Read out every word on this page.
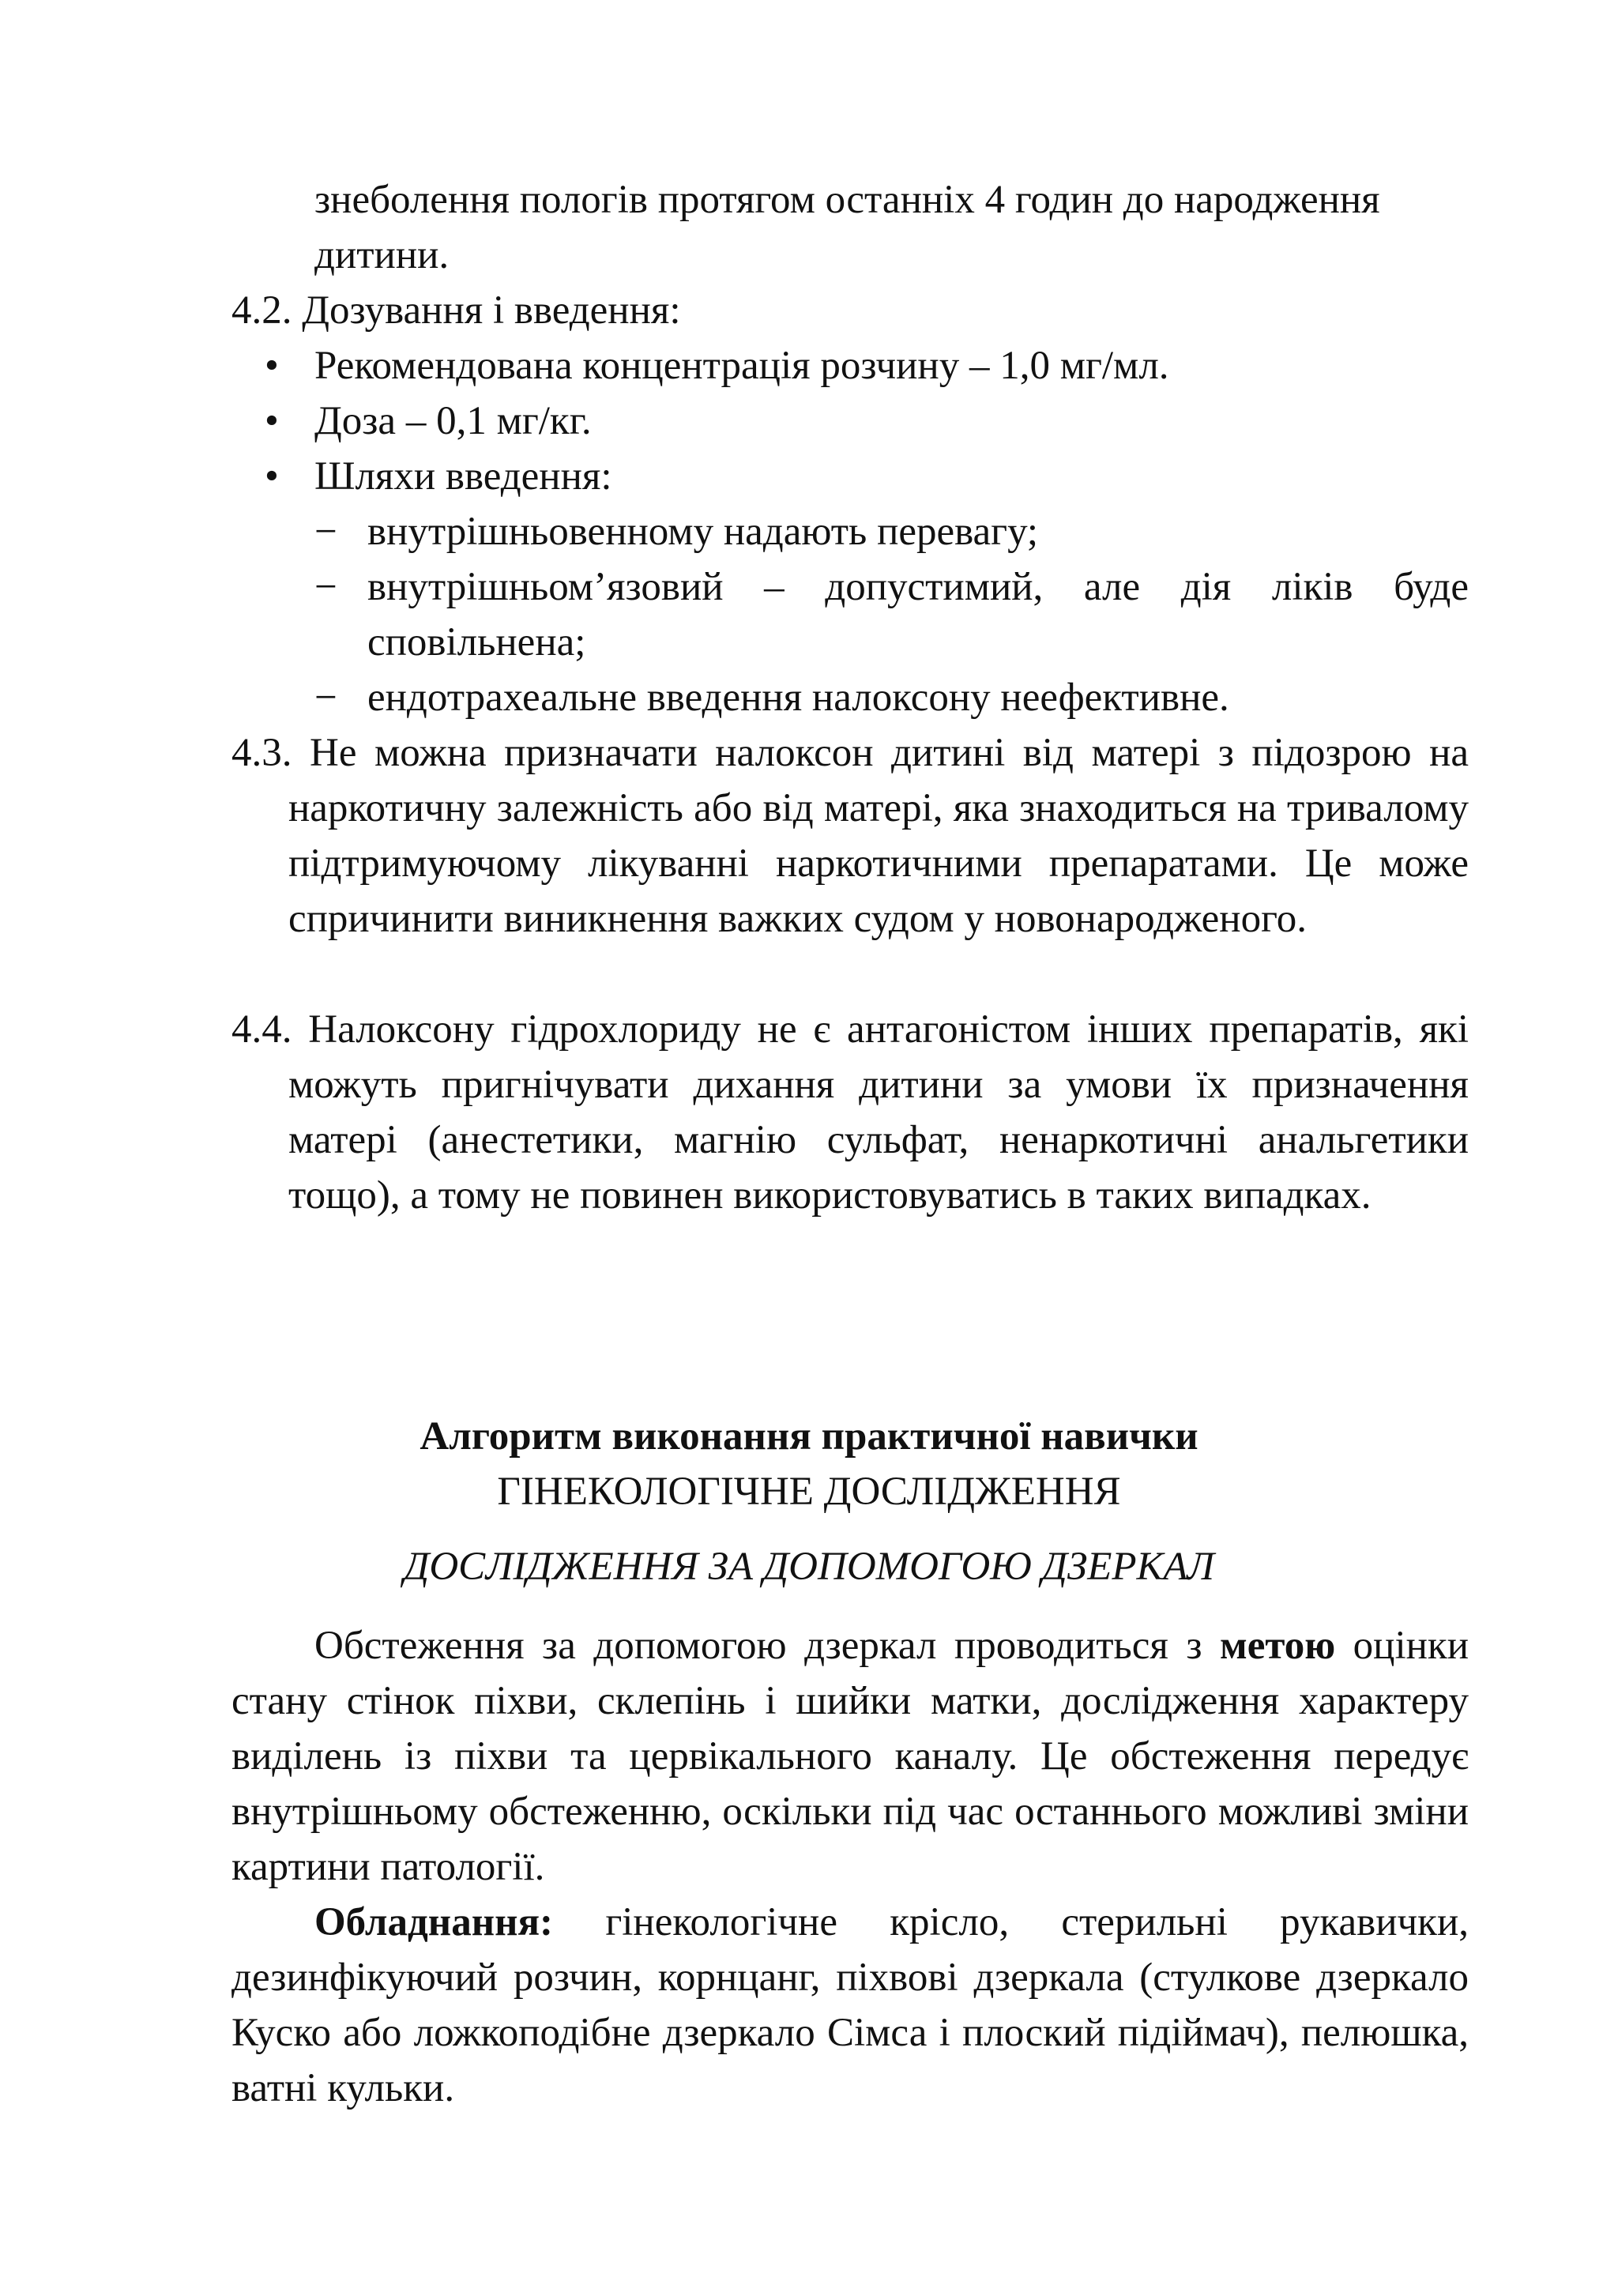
знеболення пологів протягом останніх 4 годин до народження
дитини.

4.2. Дозування і введення:

• Рекомендована концентрація розчину – 1,0 мг/мл.
• Доза – 0,1 мг/кг.
• Шляхи введення:
− внутрішньовенному надають перевагу;

− внутрішньом’язовий – допустимий, але дія ліків буде сповільнена;

− ендотрахеальне введення налоксону неефективне.

4.3. Не можна призначати налоксон дитині від матері з підозрою на наркотичну залежність або від матері, яка знаходиться на тривалому підтримуючому лікуванні наркотичними препаратами. Це може спричинити виникнення важких судом у новонародженого.

4.4. Налоксону гідрохлориду не є антагоністом інших препаратів, які можуть пригнічувати дихання дитини за умови їх призначення матері (анестетики, магнію сульфат, ненаркотичні анальгетики тощо), а тому не повинен використовуватись в таких випадках.

Алгоритм виконання практичної навички

ГІНЕКОЛОГІЧНЕ ДОСЛІДЖЕННЯ

ДОСЛІДЖЕННЯ ЗА ДОПОМОГОЮ ДЗЕРКАЛ

Обстеження за допомогою дзеркал проводиться з метою оцінки стану стінок піхви, склепінь і шийки матки, дослідження характеру виділень із піхви та цервікального каналу. Це обстеження передує внутрішньому обстеженню, оскільки під час останнього можливі зміни картини патології.

Обладнання: гінекологічне крісло, стерильні рукавички, дезинфікуючий розчин, корнцанг, піхвові дзеркала (стулкове дзеркало Куско або ложкоподібне дзеркало Сімса і плоский підіймач), пелюшка, ватні кульки.
